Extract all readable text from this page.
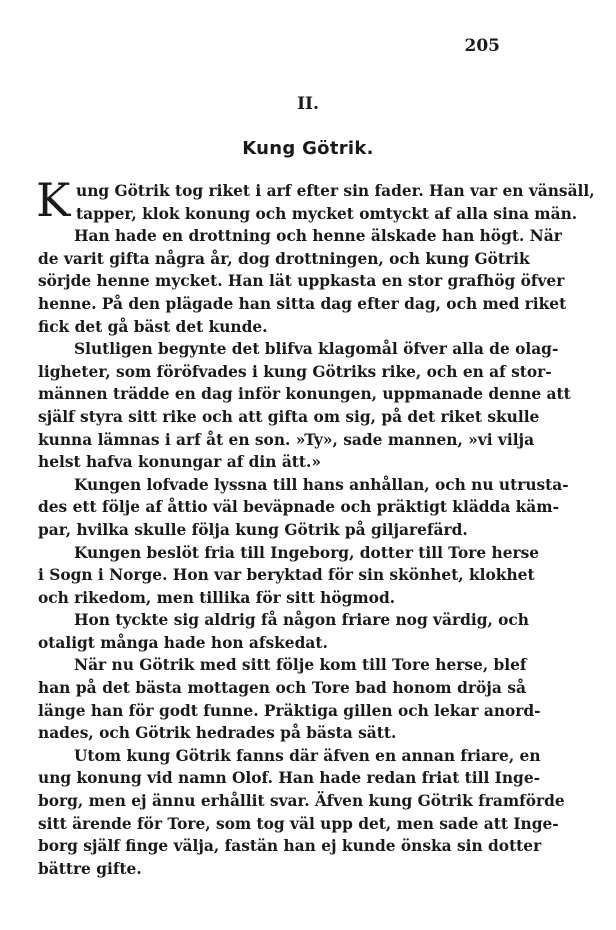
205
II.
Kung Götrik.
K ung Götrik tog riket i arf efter sin fader. Han var en vänsäll,
tapper, klok konung och mycket omtyckt af alla sina män.
Han hade en drottning och henne älskade han högt. När
de varit gifta några år, dog drottningen, och kung Götrik
sörjde henne mycket. Han lät uppkasta en stor grafhög öfver
henne. På den plägade han sitta dag efter dag, och med riket
fick det gå bäst det kunde.
Slutligen begynte det blifva klagomål öfver alla de olag-
ligheter, som föröfvades i kung Götriks rike, och en af stor-
männen trädde en dag inför konungen, uppmanade denne att
själf styra sitt rike och att gifta om sig, på det riket skulle
kunna lämnas i arf åt en son. »Ty», sade mannen, »vi vilja
helst hafva konungar af din ätt.»
Kungen lofvade lyssna till hans anhållan, och nu utrusta-
des ett följe af åttio väl beväpnade och präktigt klädda käm-
par, hvilka skulle följa kung Götrik på giljarefärd.
Kungen beslöt fria till Ingeborg, dotter till Tore herse
i Sogn i Norge. Hon var beryktad för sin skönhet, klokhet
och rikedom, men tillika för sitt högmod.
Hon tyckte sig aldrig få någon friare nog värdig, och
otaligt många hade hon afskedat.
När nu Götrik med sitt följe kom till Tore herse, blef
han på det bästa mottagen och Tore bad honom dröja så
länge han för godt funne. Präktiga gillen och lekar anord-
nades, och Götrik hedrades på bästa sätt.
Utom kung Götrik fanns där äfven en annan friare, en
ung konung vid namn Olof. Han hade redan friat till Inge-
borg, men ej ännu erhållit svar. Äfven kung Götrik framförde
sitt ärende för Tore, som tog väl upp det, men sade att Inge-
borg själf finge välja, fastän han ej kunde önska sin dotter
bättre gifte.
